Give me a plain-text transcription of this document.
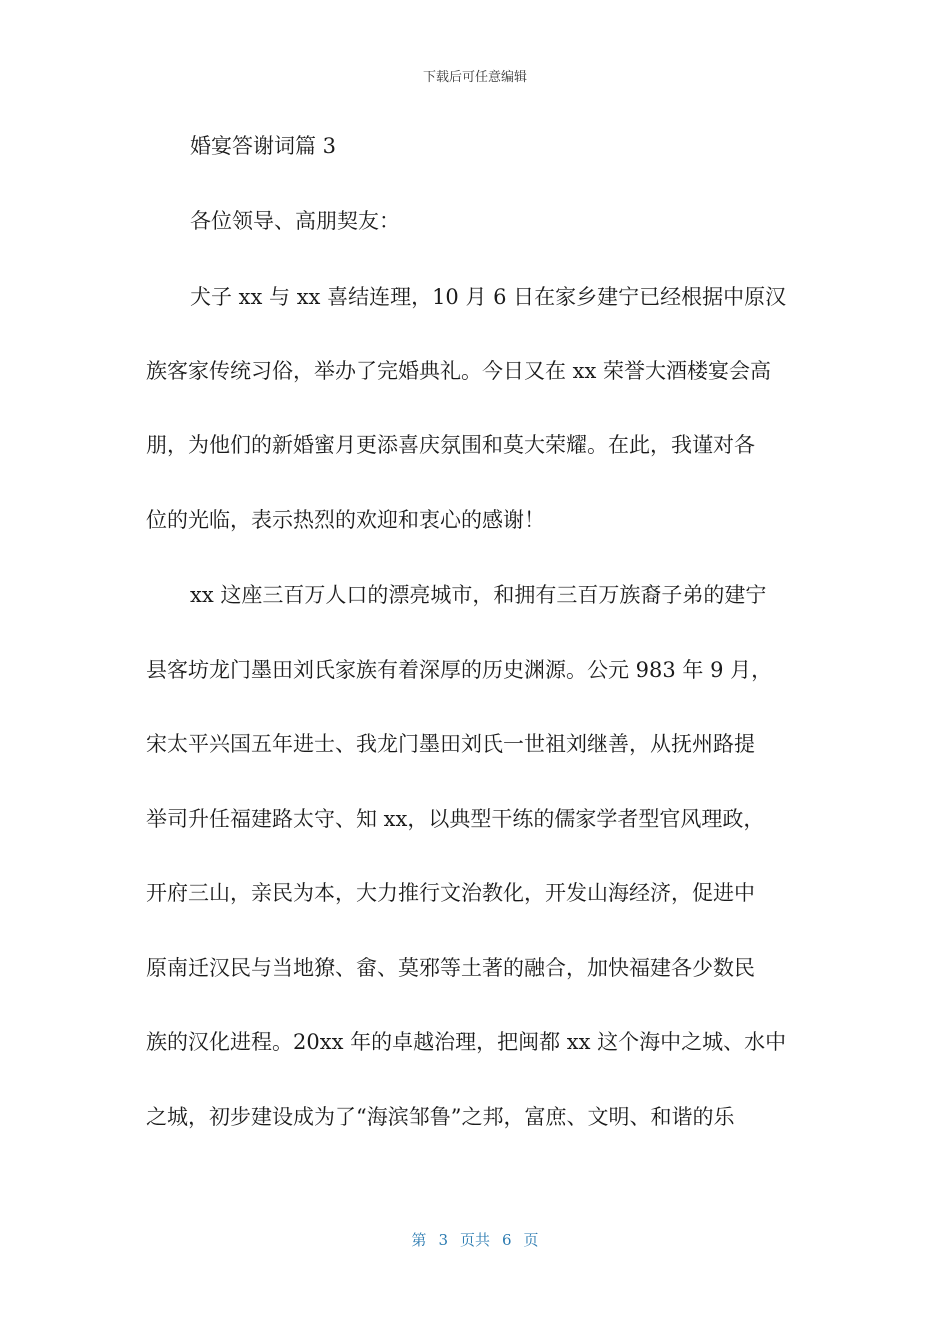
下载后可任意编辑
婚宴答谢词篇 3
各位领导、高朋契友：
犬子 xx 与 xx 喜结连理，10 月 6 日在家乡建宁已经根据中原汉
族客家传统习俗，举办了完婚典礼。今日又在 xx 荣誉大酒楼宴会高
朋，为他们的新婚蜜月更添喜庆氛围和莫大荣耀。在此，我谨对各
位的光临，表示热烈的欢迎和衷心的感谢！
xx 这座三百万人口的漂亮城市，和拥有三百万族裔子弟的建宁
县客坊龙门墨田刘氏家族有着深厚的历史渊源。公元 983 年 9 月，
宋太平兴国五年进士、我龙门墨田刘氏一世祖刘继善，从抚州路提
举司升任福建路太守、知 xx，以典型干练的儒家学者型官风理政，
开府三山，亲民为本，大力推行文治教化，开发山海经济，促进中
原南迁汉民与当地獠、畲、莫邪等土著的融合，加快福建各少数民
族的汉化进程。20xx 年的卓越治理，把闽都 xx 这个海中之城、水中
之城，初步建设成为了“海滨邹鲁”之邦，富庶、文明、和谐的乐
第 3 页共 6 页
